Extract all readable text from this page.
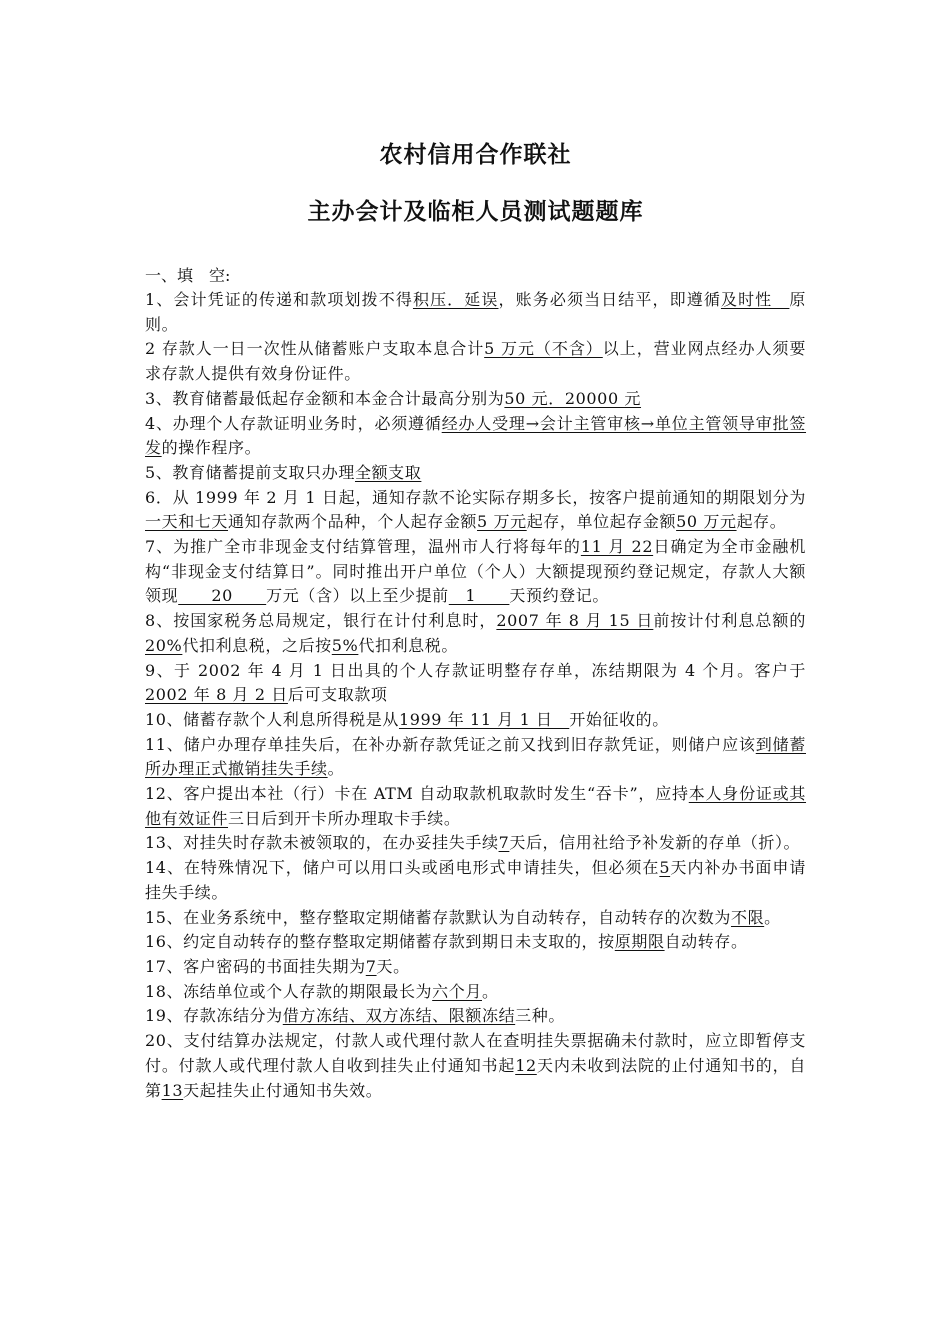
农村信用合作联社
主办会计及临柜人员测试题题库
一、填　空:

1、会计凭证的传递和款项划拨不得积压．延误，账务必须当日结平，即遵循及时性　原则。

2 存款人一日一次性从储蓄账户支取本息合计5 万元（不含）以上，营业网点经办人须要求存款人提供有效身份证件。

3、教育储蓄最低起存金额和本金合计最高分别为50 元．20000 元

4、办理个人存款证明业务时，必须遵循经办人受理→会计主管审核→单位主管领导审批签发的操作程序。

5、教育储蓄提前支取只办理全额支取

6．从 1999 年 2 月 1 日起，通知存款不论实际存期多长，按客户提前通知的期限划分为一天和七天通知存款两个品种，个人起存金额5 万元起存，单位起存金额50 万元起存。

7、为推广全市非现金支付结算管理，温州市人行将每年的11 月 22日确定为全市金融机构“非现金支付结算日”。同时推出开户单位（个人）大额提现预约登记规定，存款人大额领现　　20　　万元（含）以上至少提前　1　　天预约登记。

8、按国家税务总局规定，银行在计付利息时，2007 年 8 月 15 日前按计付利息总额的20%代扣利息税，之后按5%代扣利息税。

9、于 2002 年 4 月 1 日出具的个人存款证明整存存单，冻结期限为 4 个月。客户于2002 年 8 月 2 日后可支取款项

10、储蓄存款个人利息所得税是从1999 年 11 月 1 日　开始征收的。

11、储户办理存单挂失后，在补办新存款凭证之前又找到旧存款凭证，则储户应该到储蓄所办理正式撤销挂失手续。

12、客户提出本社（行）卡在 ATM 自动取款机取款时发生“吞卡”，应持本人身份证或其他有效证件三日后到开卡所办理取卡手续。

13、对挂失时存款未被领取的，在办妥挂失手续7天后，信用社给予补发新的存单（折）。

14、在特殊情况下，储户可以用口头或函电形式申请挂失，但必须在5天内补办书面申请挂失手续。

15、在业务系统中，整存整取定期储蓄存款默认为自动转存，自动转存的次数为不限。

16、约定自动转存的整存整取定期储蓄存款到期日未支取的，按原期限自动转存。

17、客户密码的书面挂失期为7天。

18、冻结单位或个人存款的期限最长为六个月。

19、存款冻结分为借方冻结、双方冻结、限额冻结三种。

20、支付结算办法规定，付款人或代理付款人在查明挂失票据确未付款时，应立即暂停支付。付款人或代理付款人自收到挂失止付通知书起12天内未收到法院的止付通知书的，自第13天起挂失止付通知书失效。
